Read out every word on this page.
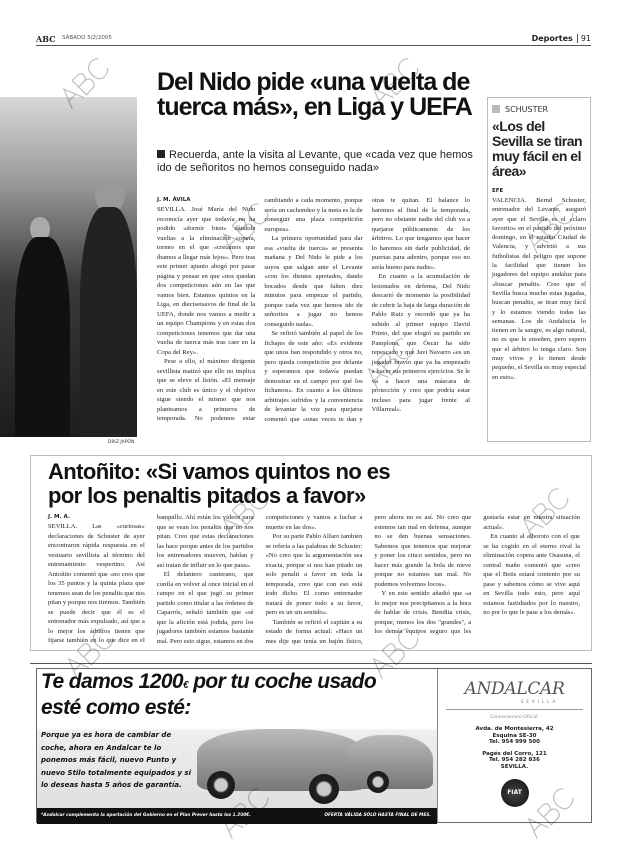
ABC SÁBADO 5/2/2005	Deportes 91
DÍAZ JAPÓN
Del Nido pide «una vuelta de tuerca más», en Liga y UEFA
Recuerda, ante la visita al Levante, que «cada vez que hemos ido de señoritos no hemos conseguido nada»
J. M. ÁVILA

SEVILLA. José María del Nido reconocía ayer que todavía no ha podido «dormir bien» dándole vueltas a la eliminación copera, torneo en el que «creíamos que íbamos a llegar más lejos». Pero tras este primer apunto abogó por pasar página y pensar en que «nos quedan dos competiciones aún en las que vamos bien. Estamos quintos en la Liga, en dieciseisavos de final de la UEFA, donde nos vamos a medir a un equipo Champions y en estas dos competiciones tenemos que dar una vuelta de tuerca más tras caer en la Copa del Rey».

Pese a ello, el máximo dirigente sevillista matizó que ello no implica que se eleve el listón. «El mensaje en este club es único y el objetivo sigue siendo el mismo que nos planteamos a primeros de temporada. No podemos estar cambiando a cada momento, porque sería un cachondeo y la meta es la de conseguir una plaza competición europea».

La primera oportunidad para dar esa «vuelta de tuerca» se presenta mañana y Del Nido le pide a los suyos que salgan ante el Levante «con los dientes apretados, dando bocados desde que falten diez minutos para empezar el partido, porque cada vez que hemos ido de señoritos a jugar no hemos conseguido nada».

Se refirió también al papel de los fichajes de este año: «Es evidente que unos han respondido y otros no, pero queda competición por delante y esperamos que todavía puedan demostrar en el campo por qué los fichamos». En cuanto a los últimos arbitrajes sufridos y la conveniencia de levantar la voz para quejarse comentó que «unas veces te dan y otras te quitan. El balance lo haremos al final de la temporada, pero no obstante nadie del club va a quejarse públicamente de los árbitros. Lo que tengamos que hacer lo haremos sin darle publicidad, de puertas para adentro, porque eso no sería bueno para nadie».

En cuanto a la acumulación de lesionados en defensa, Del Nido descartó de momento la posibilidad de cubrir la baja de larga duración de Pablo Ruiz y recordó que ya ha subido al primer equipo David Prieto, del que elogió su partido en Pamplona, que Óscar ha sido repescado y que Javi Navarro «es un jugador bravío que ya ha empezado a hacer sus primeros ejercicios. Se le va a hacer una máscara de protección y creo que podría estar incluso para jugar frente al Villarreal».

SCHUSTER
«Los del Sevilla se tiran muy fácil en el área»
EFE

VALENCIA. Bernd Schuster, entrenador del Levante, aseguró ayer que el Sevilla es el «claro favorito» en el partido del próximo domingo, en el estadio Ciudad de Valencia, y advirtió a sus futbolistas del peligro que supone la facilidad que tienen los jugadores del equipo andaluz para «buscar penaltis. Creo que el Sevilla busca mucho estas jugadas, buscan penaltis, se tiran muy fácil y lo estamos viendo todas las semanas. Los de Andalucía lo tienen en la sangre, es algo natural, no es que le enseñen, pero espero que el árbitro lo tenga claro. Son muy vivos y lo tienen desde pequeño, el Sevilla es muy especial en esto».

Antoñito: «Si vamos quintos no es
por los penaltis pitados a favor»
J. M. A.

SEVILLA. Las «curiosas» declaraciones de Schuster de ayer encontraron rápida respuesta en el vestuario sevillista al término del entrenamiento vespertino. Así Antoñito comentó que «no creo que los 35 puntos y la quinta plaza que tenemos sean de los penaltis que nos pitan y porque nos tiremos. También se puede decir que él es el entrenador más expulsado, así que a lo mejor los árbitros tienen que fijarse también en lo que dice en el banquillo. Ahí están los vídeos para que se vean los penaltis que no nos pitan. Creo que estas declaraciones las hace porque antes de los partidos los entrenadores mueven, hablan y así tratan de influir en lo que pasa».

El delantero canterano, que confía en volver al once inicial en el campo en el que jugó su primer partido como titular a las órdenes de Caparrós, señaló también que «sé que la afición está jodida, pero los jugadores también estamos bastante mal. Pero esto sigue, estamos en dos competiciones y vamos a luchar a muerte en las dos».

Por su parte Pablo Alfaro también se refería a las palabras de Schuster: «No creo que la argumentación sea exacta, porque si nos han pitado un solo penalti a favor en toda la temporada, creo que con eso está todo dicho. El como entrenador tratará de poner todo a su favor, pero es un sin sentido».

También se refirió el capitán a su estado de forma actual: «Hace un mes dije que tenía un bajón físico, pero ahora no es así. No creo que estemos tan mal en defensa, aunque no se den buenas sensaciones. Sabemos que tenemos que mejorar y poner los cinco sentidos, pero no hacer más grande la bola de nieve porque no estamos tan mal. No podemos volvernos locos».

Y en este sentido añadió que «a lo mejor nos precipitamos a la hora de hablar de crisis. Bendita crisis, porque, menos los dos "grandes", a los demás equipos seguro que les gustaría estar en nuestra situación actual».

En cuanto al alboroto con el que se ha cogido en el eterno rival la eliminación copera ante Osasuna, el central maño comentó que «creo que el Betis estará contento por su pase y sabemos cómo se vive aquí en Sevilla todo esto, pero aquí estamos fastidiados por lo nuestro, no por lo que le pase a los demás».

Te damos 1200€ por tu coche usado
esté como esté:
Porque ya es hora de cambiar de coche, ahora en Andalcar te lo ponemos más fácil, nuevo Punto y nuevo Stilo totalmente equipados y si lo deseas hasta 5 años de garantía.
*Andalcar complementa la aportación del Gobierno en el Plan Prever hasta los 1.200€.	OFERTA VÁLIDA SÓLO HASTA FINAL DE MES.
ANDALCAR
SEVILLA
Concesionario Oficial:
Avda. de Montesierra, 42
Esquina SE-30
Tel. 954 999 500
Pagés del Corro, 121
Tel. 954 282 836
SEVILLA.
FIAT
